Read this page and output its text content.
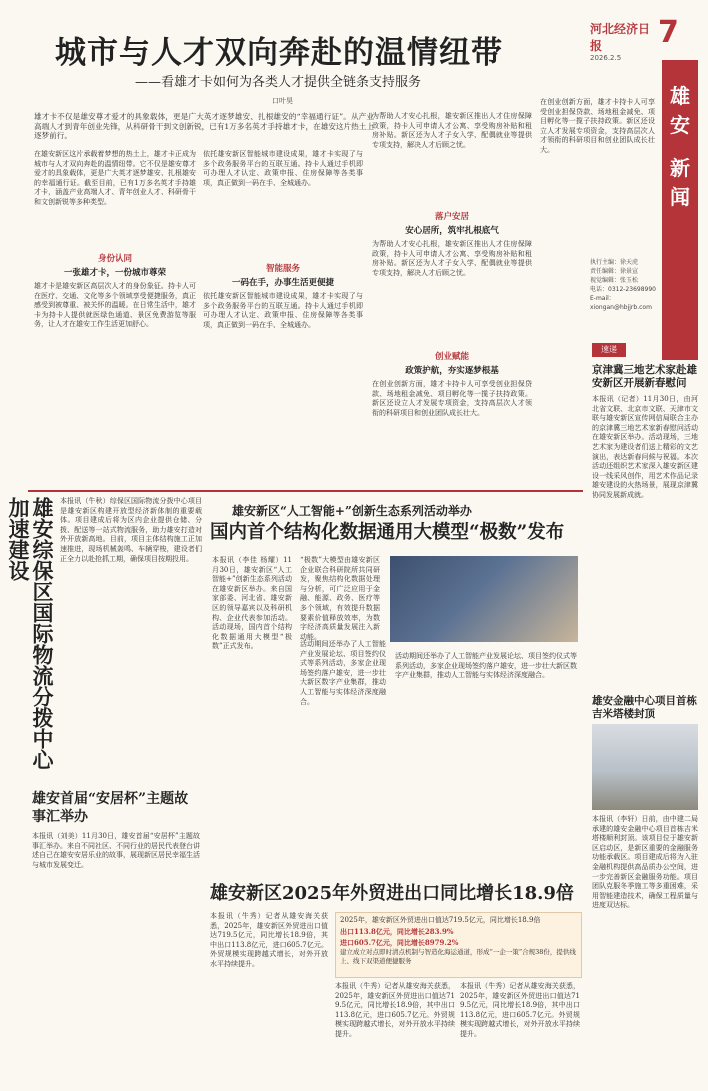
河北经济日报
2026.2.5
7
城市与人才双向奔赴的温情纽带
——看雄才卡如何为各类人才提供全链条支持服务
口叶昊
雄才卡不仅是雄安尊才爱才的具象载体，更是广大英才逐梦雄安、扎根雄安的“幸福通行证”。从产业高端人才到青年创业先锋，从科研骨干到文创新锐，已有1万多名英才手持雄才卡，在雄安这片热土上逐梦前行。
在雄安新区这片承载着梦想的热土上，雄才卡正成为城市与人才双向奔赴的温情纽带。它不仅是雄安尊才爱才的具象载体，更是广大英才逐梦雄安、扎根雄安的幸福通行证。截至目前，已有1万多名英才手持雄才卡，涵盖产业高端人才、青年创业人才、科研骨干和文创新锐等多种类型。
身份认同
一张雄才卡，一份城市尊荣
雄才卡是雄安新区高层次人才的身份象征。持卡人可在医疗、交通、文化等多个领域享受便捷服务，真正感受到被尊重、被关怀的温暖。在日常生活中，雄才卡为持卡人提供就医绿色通道、景区免费游览等服务，让人才在雄安工作生活更加舒心。
依托雄安新区智能城市建设成果，雄才卡实现了与多个政务服务平台的互联互通。持卡人通过手机即可办理人才认定、政策申报、住房保障等各类事项，真正做到一码在手、全城通办。
智能服务
一码在手，办事生活更便捷
依托雄安新区智能城市建设成果，雄才卡实现了与多个政务服务平台的互联互通。持卡人通过手机即可办理人才认定、政策申报、住房保障等各类事项，真正做到一码在手、全城通办。
为帮助人才安心扎根，雄安新区推出人才住房保障政策，持卡人可申请人才公寓、享受购房补贴和租房补贴。新区还为人才子女入学、配偶就业等提供专项支持，解决人才后顾之忧。
落户安居
安心居所，筑牢扎根底气
为帮助人才安心扎根，雄安新区推出人才住房保障政策，持卡人可申请人才公寓、享受购房补贴和租房补贴。新区还为人才子女入学、配偶就业等提供专项支持，解决人才后顾之忧。
创业赋能
政策护航，夯实逐梦根基
在创业创新方面，雄才卡持卡人可享受创业担保贷款、场地租金减免、项目孵化等一揽子扶持政策。新区还设立人才发展专项资金，支持高层次人才领衔的科研项目和创业团队成长壮大。
在创业创新方面，雄才卡持卡人可享受创业担保贷款、场地租金减免、项目孵化等一揽子扶持政策。新区还设立人才发展专项资金，支持高层次人才领衔的科研项目和创业团队成长壮大。
雄
安
新
闻
执行主编：徐天虎
责任编辑：徐景宣
视觉编辑：张玉松
电话：0312-23698990
E-mail：xiongan@hbjjrb.com
速递
京津冀三地艺术家赴雄安新区开展新春慰问
本报讯（记者）11月30日，由河北省文联、北京市文联、天津市文联与雄安新区宣传网信局联合主办的京津冀三地艺术家新春慰问活动在雄安新区举办。活动现场，三地艺术家为建设者们送上精彩的文艺演出，表达新春问候与祝福。本次活动还组织艺术家深入雄安新区建设一线采风创作，用艺术作品记录雄安建设的火热场景，展现京津冀协同发展新成就。
雄安金融中心项目首栋吉米塔楼封顶
本报讯（李轩）日前，由中建二局承建的雄安金融中心项目首栋吉米塔楼顺利封顶。该项目位于雄安新区启动区，是新区重要的金融服务功能承载区。项目建成后将为入驻金融机构提供高品质办公空间，进一步完善新区金融服务功能。项目团队克服冬季施工等多重困难，采用智能建造技术，确保工程质量与进度双达标。
雄安综保区国际物流分拨中心加速建设	本报讯（牛秋）综保区国际物流分拨中心项目是雄安新区构建开放型经济新体制的重要载体。项目建成后将为区内企业提供仓储、分拨、配送等一站式物流服务，助力雄安打造对外开放新高地。目前，项目主体结构施工正加速推进，现场机械轰鸣、车辆穿梭，建设者们正全力以赴抢抓工期，确保项目按期投用。
雄安首届“安居杯”主题故事汇举办
本报讯（刘美）11月30日，雄安首届“安居杯”主题故事汇举办。来自不同社区、不同行业的居民代表登台讲述自己在雄安安居乐业的故事，展现新区居民幸福生活与城市发展变迁。
雄安新区“人工智能+”创新生态系列活动举办
国内首个结构化数据通用大模型“极数”发布
本报讯（李佳 杨耀）11月30日，雄安新区“人工智能+”创新生态系列活动在雄安新区举办。来自国家部委、河北省、雄安新区的领导嘉宾以及科研机构、企业代表参加活动。活动现场，国内首个结构化数据通用大模型“极数”正式发布。
“极数”大模型由雄安新区企业联合科研院所共同研发，聚焦结构化数据处理与分析，可广泛应用于金融、能源、政务、医疗等多个领域，有效提升数据要素价值释放效率，为数字经济高质量发展注入新动能。
活动期间还举办了人工智能产业发展论坛、项目签约仪式等系列活动，多家企业现场签约落户雄安，进一步壮大新区数字产业集群，推动人工智能与实体经济深度融合。
活动期间还举办了人工智能产业发展论坛、项目签约仪式等系列活动，多家企业现场签约落户雄安，进一步壮大新区数字产业集群，推动人工智能与实体经济深度融合。
雄安新区2025年外贸进出口同比增长18.9倍
本报讯（牛秀）记者从雄安海关获悉，2025年，雄安新区外贸进出口值达719.5亿元，同比增长18.9倍，其中出口113.8亿元，进口605.7亿元。外贸规模实现跨越式增长，对外开放水平持续提升。
2025年，雄安新区外贸进出口值达719.5亿元，同比增长18.9倍
出口113.8亿元，同比增长283.9%
进口605.7亿元，同比增长8979.2%
建立成立对点即时清点机制与智造化海运通道，形成“一企一策”合规38份，提供线上、线下双渠道便捷服务
本报讯（牛秀）记者从雄安海关获悉，2025年，雄安新区外贸进出口值达719.5亿元，同比增长18.9倍，其中出口113.8亿元，进口605.7亿元。外贸规模实现跨越式增长，对外开放水平持续提升。
本报讯（牛秀）记者从雄安海关获悉，2025年，雄安新区外贸进出口值达719.5亿元，同比增长18.9倍，其中出口113.8亿元，进口605.7亿元。外贸规模实现跨越式增长，对外开放水平持续提升。
